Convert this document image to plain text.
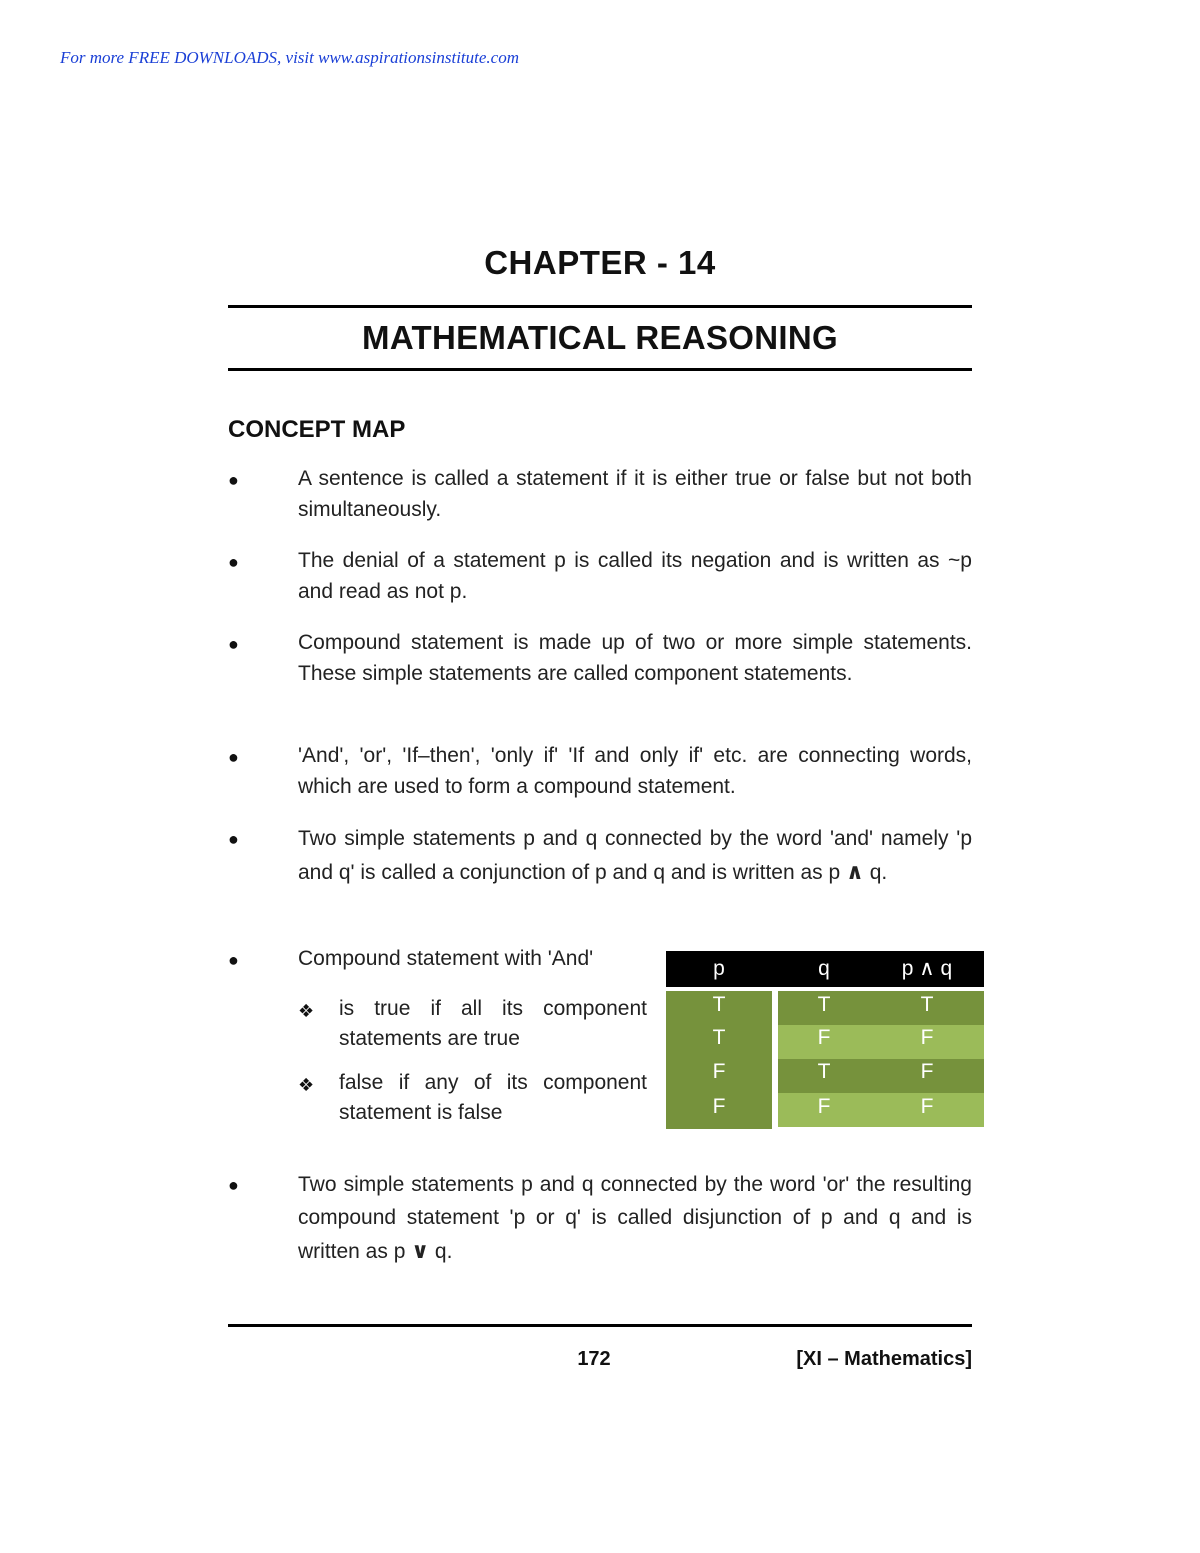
For more FREE DOWNLOADS, visit www.aspirationsinstitute.com
CHAPTER - 14
MATHEMATICAL REASONING
CONCEPT MAP
●	A sentence is called a statement if it is either true or false but not both simultaneously.
●	The denial of a statement p is called its negation and is written as ~p and read as not p.
●	Compound statement is made up of two or more simple statements. These simple statements are called component statements.
●	'And', 'or', 'If–then', 'only if' 'If and only if' etc. are connecting words, which are used to form a compound statement.
●	Two simple statements p and q connected by the word 'and' namely 'p and q' is called a conjunction of p and q and is written as p ∧ q.
●	Compound statement with 'And'
❖ is true if all its component statements are true
❖ false if any of its component statement is false
p	q	p ∧ q
T	T	T
T	F	F
F	T	F
F	F	F
●	Two simple statements p and q connected by the word 'or' the resulting compound statement 'p or q' is called disjunction of p and q and is written as p ∨ q.
172	[XI – Mathematics]
